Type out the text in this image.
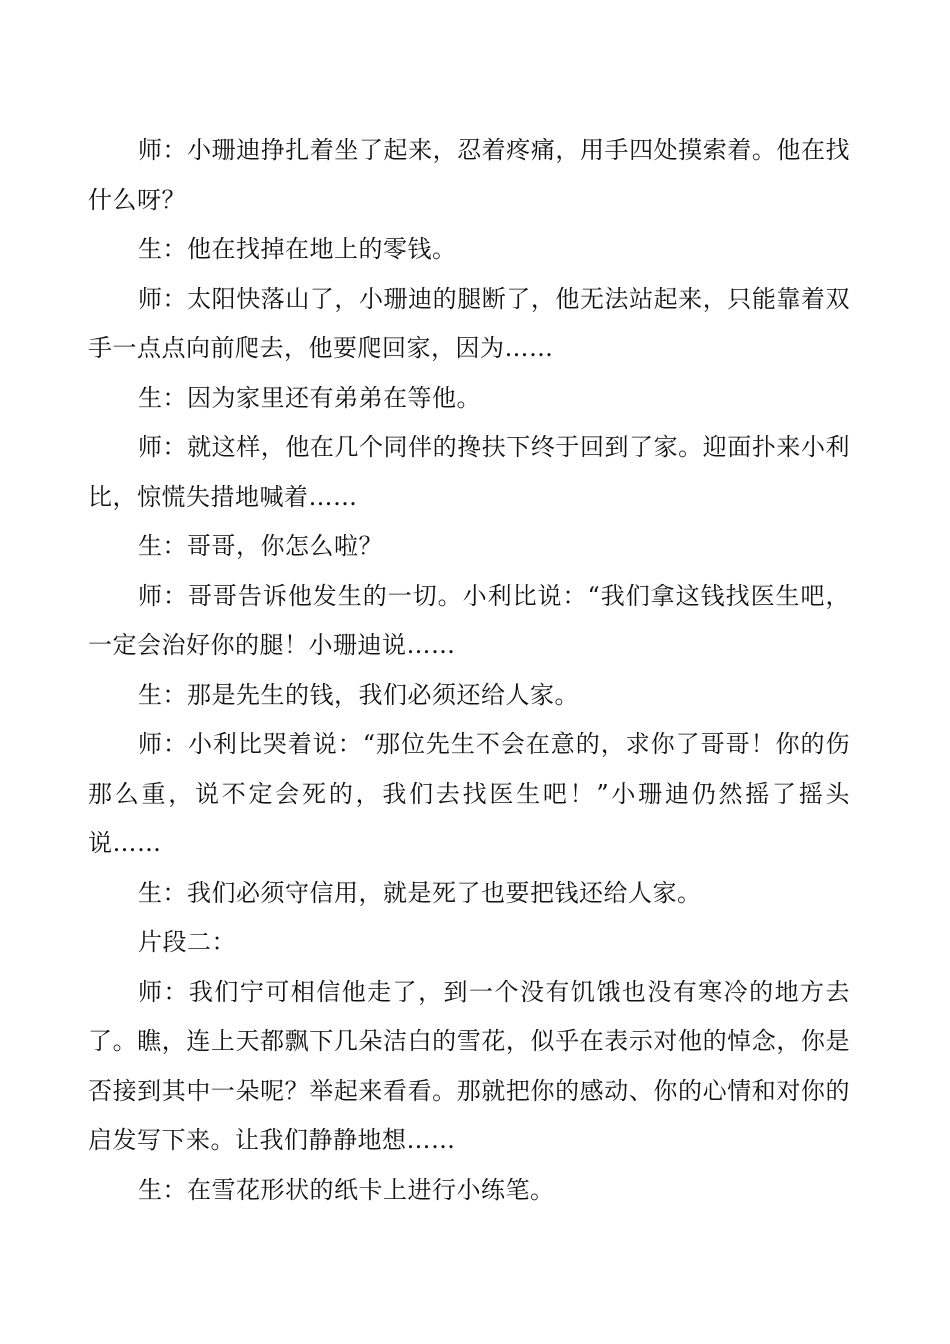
师：小珊迪挣扎着坐了起来，忍着疼痛，用手四处摸索着。他在找什么呀？

生：他在找掉在地上的零钱。

师：太阳快落山了，小珊迪的腿断了，他无法站起来，只能靠着双手一点点向前爬去，他要爬回家，因为……

生：因为家里还有弟弟在等他。

师：就这样，他在几个同伴的搀扶下终于回到了家。迎面扑来小利比，惊慌失措地喊着……

生：哥哥，你怎么啦？

师：哥哥告诉他发生的一切。小利比说：“我们拿这钱找医生吧，一定会治好你的腿！小珊迪说……

生：那是先生的钱，我们必须还给人家。

师：小利比哭着说：“那位先生不会在意的，求你了哥哥！你的伤那么重，说不定会死的，我们去找医生吧！”小珊迪仍然摇了摇头说……

生：我们必须守信用，就是死了也要把钱还给人家。

片段二：

师：我们宁可相信他走了，到一个没有饥饿也没有寒冷的地方去了。瞧，连上天都飘下几朵洁白的雪花，似乎在表示对他的悼念，你是否接到其中一朵呢？举起来看看。那就把你的感动、你的心情和对你的启发写下来。让我们静静地想……

生：在雪花形状的纸卡上进行小练笔。
